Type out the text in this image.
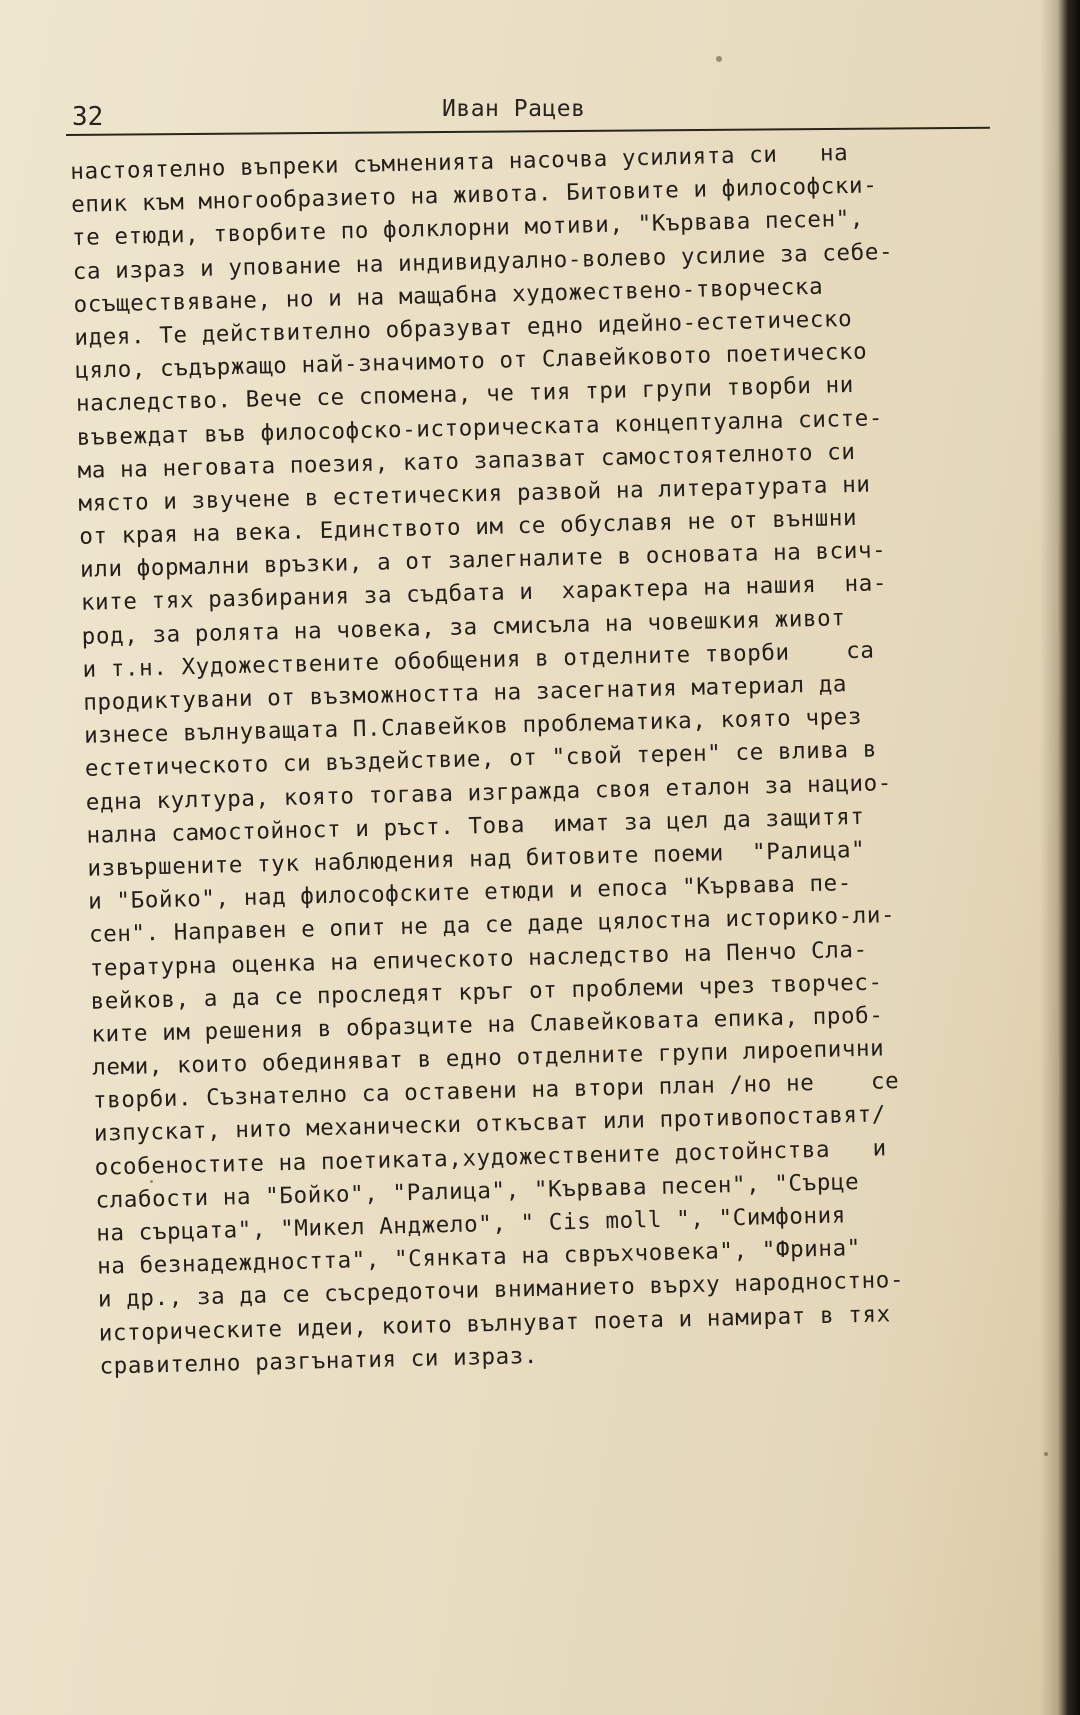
32	Иван Рацев
настоятелно въпреки съмненията насочва усилията си   на
епик към многообразието на живота. Битовите и философски-
те етюди, творбите по фолклорни мотиви, "Кървава песен",
са израз и упование на индивидуално-волево усилие за себе-
осъществяване, но и на мащабна художествено-творческа
идея. Те действително образуват едно идейно-естетическо
цяло, съдържащо най-значимото от Славейковото поетическо
наследство. Вече се спомена, че тия три групи творби ни
въвеждат във философско-историческата концептуална систе-
ма на неговата поезия, като запазват самостоятелното си
място и звучене в естетическия развой на литературата ни
от края на века. Единството им се обуславя не от външни
или формални връзки, а от залегналите в основата на всич-
ките тях разбирания за съдбата и  характера на нашия  на-
род, за ролята на човека, за смисъла на човешкия живот
и т.н. Художествените обобщения в отделните творби    са
продиктувани от възможността на засегнатия материал да
изнесе вълнуващата П.Славейков проблематика, която чрез
естетическото си въздействие, от "свой терен" се влива в
една култура, която тогава изгражда своя еталон за нацио-
нална самостойност и ръст. Това  имат за цел да защитят
извършените тук наблюдения над битовите поеми  "Ралица"
и "Бойко", над философските етюди и епоса "Кървава пе-
сен". Направен е опит не да се даде цялостна историко-ли-
тературна оценка на епическото наследство на Пенчо Сла-
вейков, а да се проследят кръг от проблеми чрез творчес-
ките им решения в образците на Славейковата епика, проб-
леми, които обединяват в едно отделните групи лироепични
творби. Съзнателно са оставени на втори план /но не    се
изпускат, нито механически откъсват или противопоставят/
особеностите на поетиката,художествените достойнства   и
слабости на "Бойко", "Ралица", "Кървава песен", "Сърце
на сърцата", "Микел Анджело", " Cis moll ", "Симфония
на безнадеждността", "Сянката на свръхчовека", "Фрина"
и др., за да се съсредоточи вниманието върху народностно-
историческите идеи, които вълнуват поета и намират в тях
сравително разгънатия си израз.
